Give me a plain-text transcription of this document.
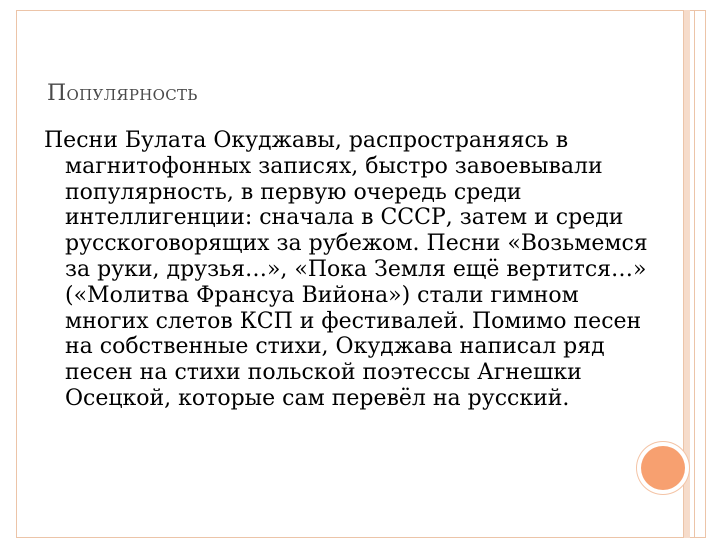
Популярность

Песни Булата Окуджавы, распространяясь в магнитофонных записях, быстро завоевывали популярность, в первую очередь среди интеллигенции: сначала в СССР, затем и среди русскоговорящих за рубежом. Песни «Возьмемся за руки, друзья…», «Пока Земля ещё вертится…» («Молитва Франсуа Вийона») стали гимном многих слетов КСП и фестивалей. Помимо песен на собственные стихи, Окуджава написал ряд песен на стихи польской поэтессы Агнешки Осецкой, которые сам перевёл на русский.
